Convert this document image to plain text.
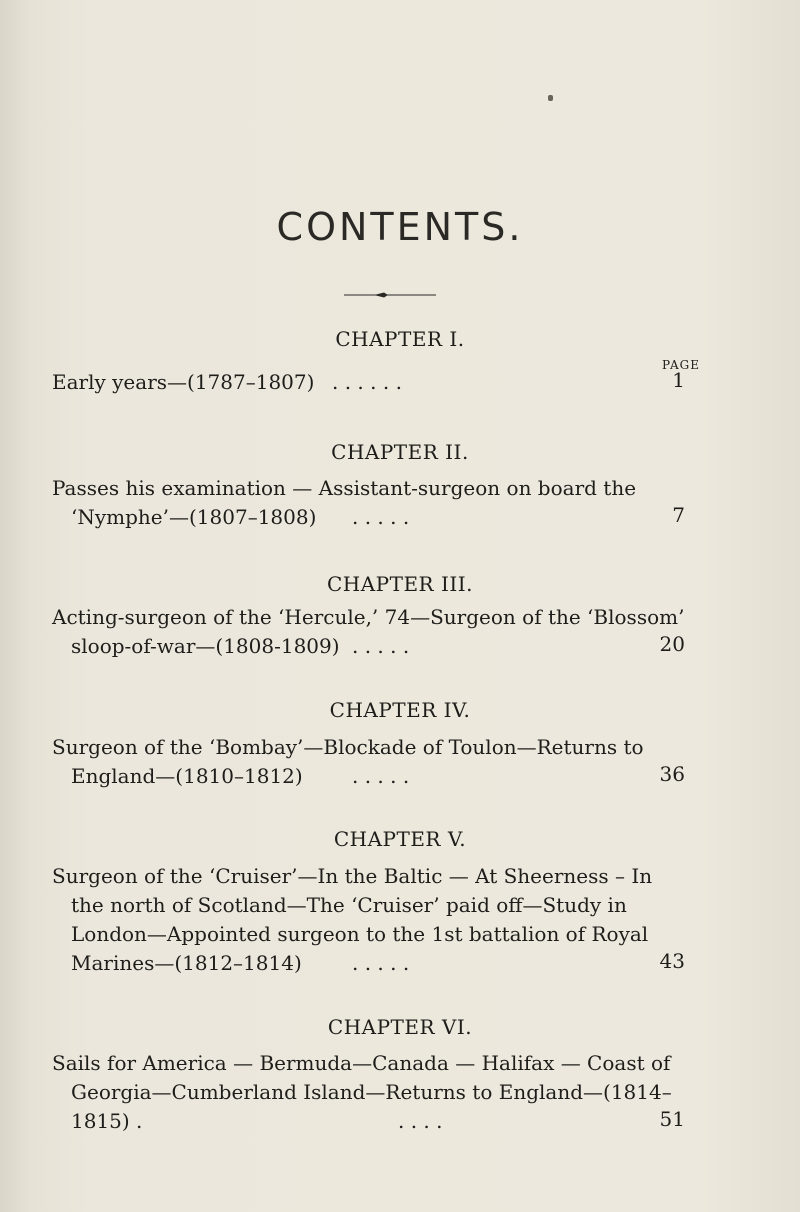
CONTENTS.
CHAPTER I.
PAGE
Early years—(1787–1807) . . . . . .	1
CHAPTER II.
Passes his examination — Assistant-surgeon on board the
‘Nymphe’—(1807–1808) . . . . .	7
CHAPTER III.
Acting-surgeon of the ‘Hercule,’ 74—Surgeon of the ‘Blossom’
sloop-of-war—(1808-1809) . . . . .	20
CHAPTER IV.
Surgeon of the ‘Bombay’—Blockade of Toulon—Returns to
England—(1810–1812) . . . . .	36
CHAPTER V.
Surgeon of the ‘Cruiser’—In the Baltic — At Sheerness – In
the north of Scotland—The ‘Cruiser’ paid off—Study in
London—Appointed surgeon to the 1st battalion of Royal
Marines—(1812–1814)	. . . . .	43
CHAPTER VI.
Sails for America — Bermuda—Canada — Halifax — Coast of
Georgia—Cumberland Island—Returns to England—(1814–
1815) .	. . . .	51
